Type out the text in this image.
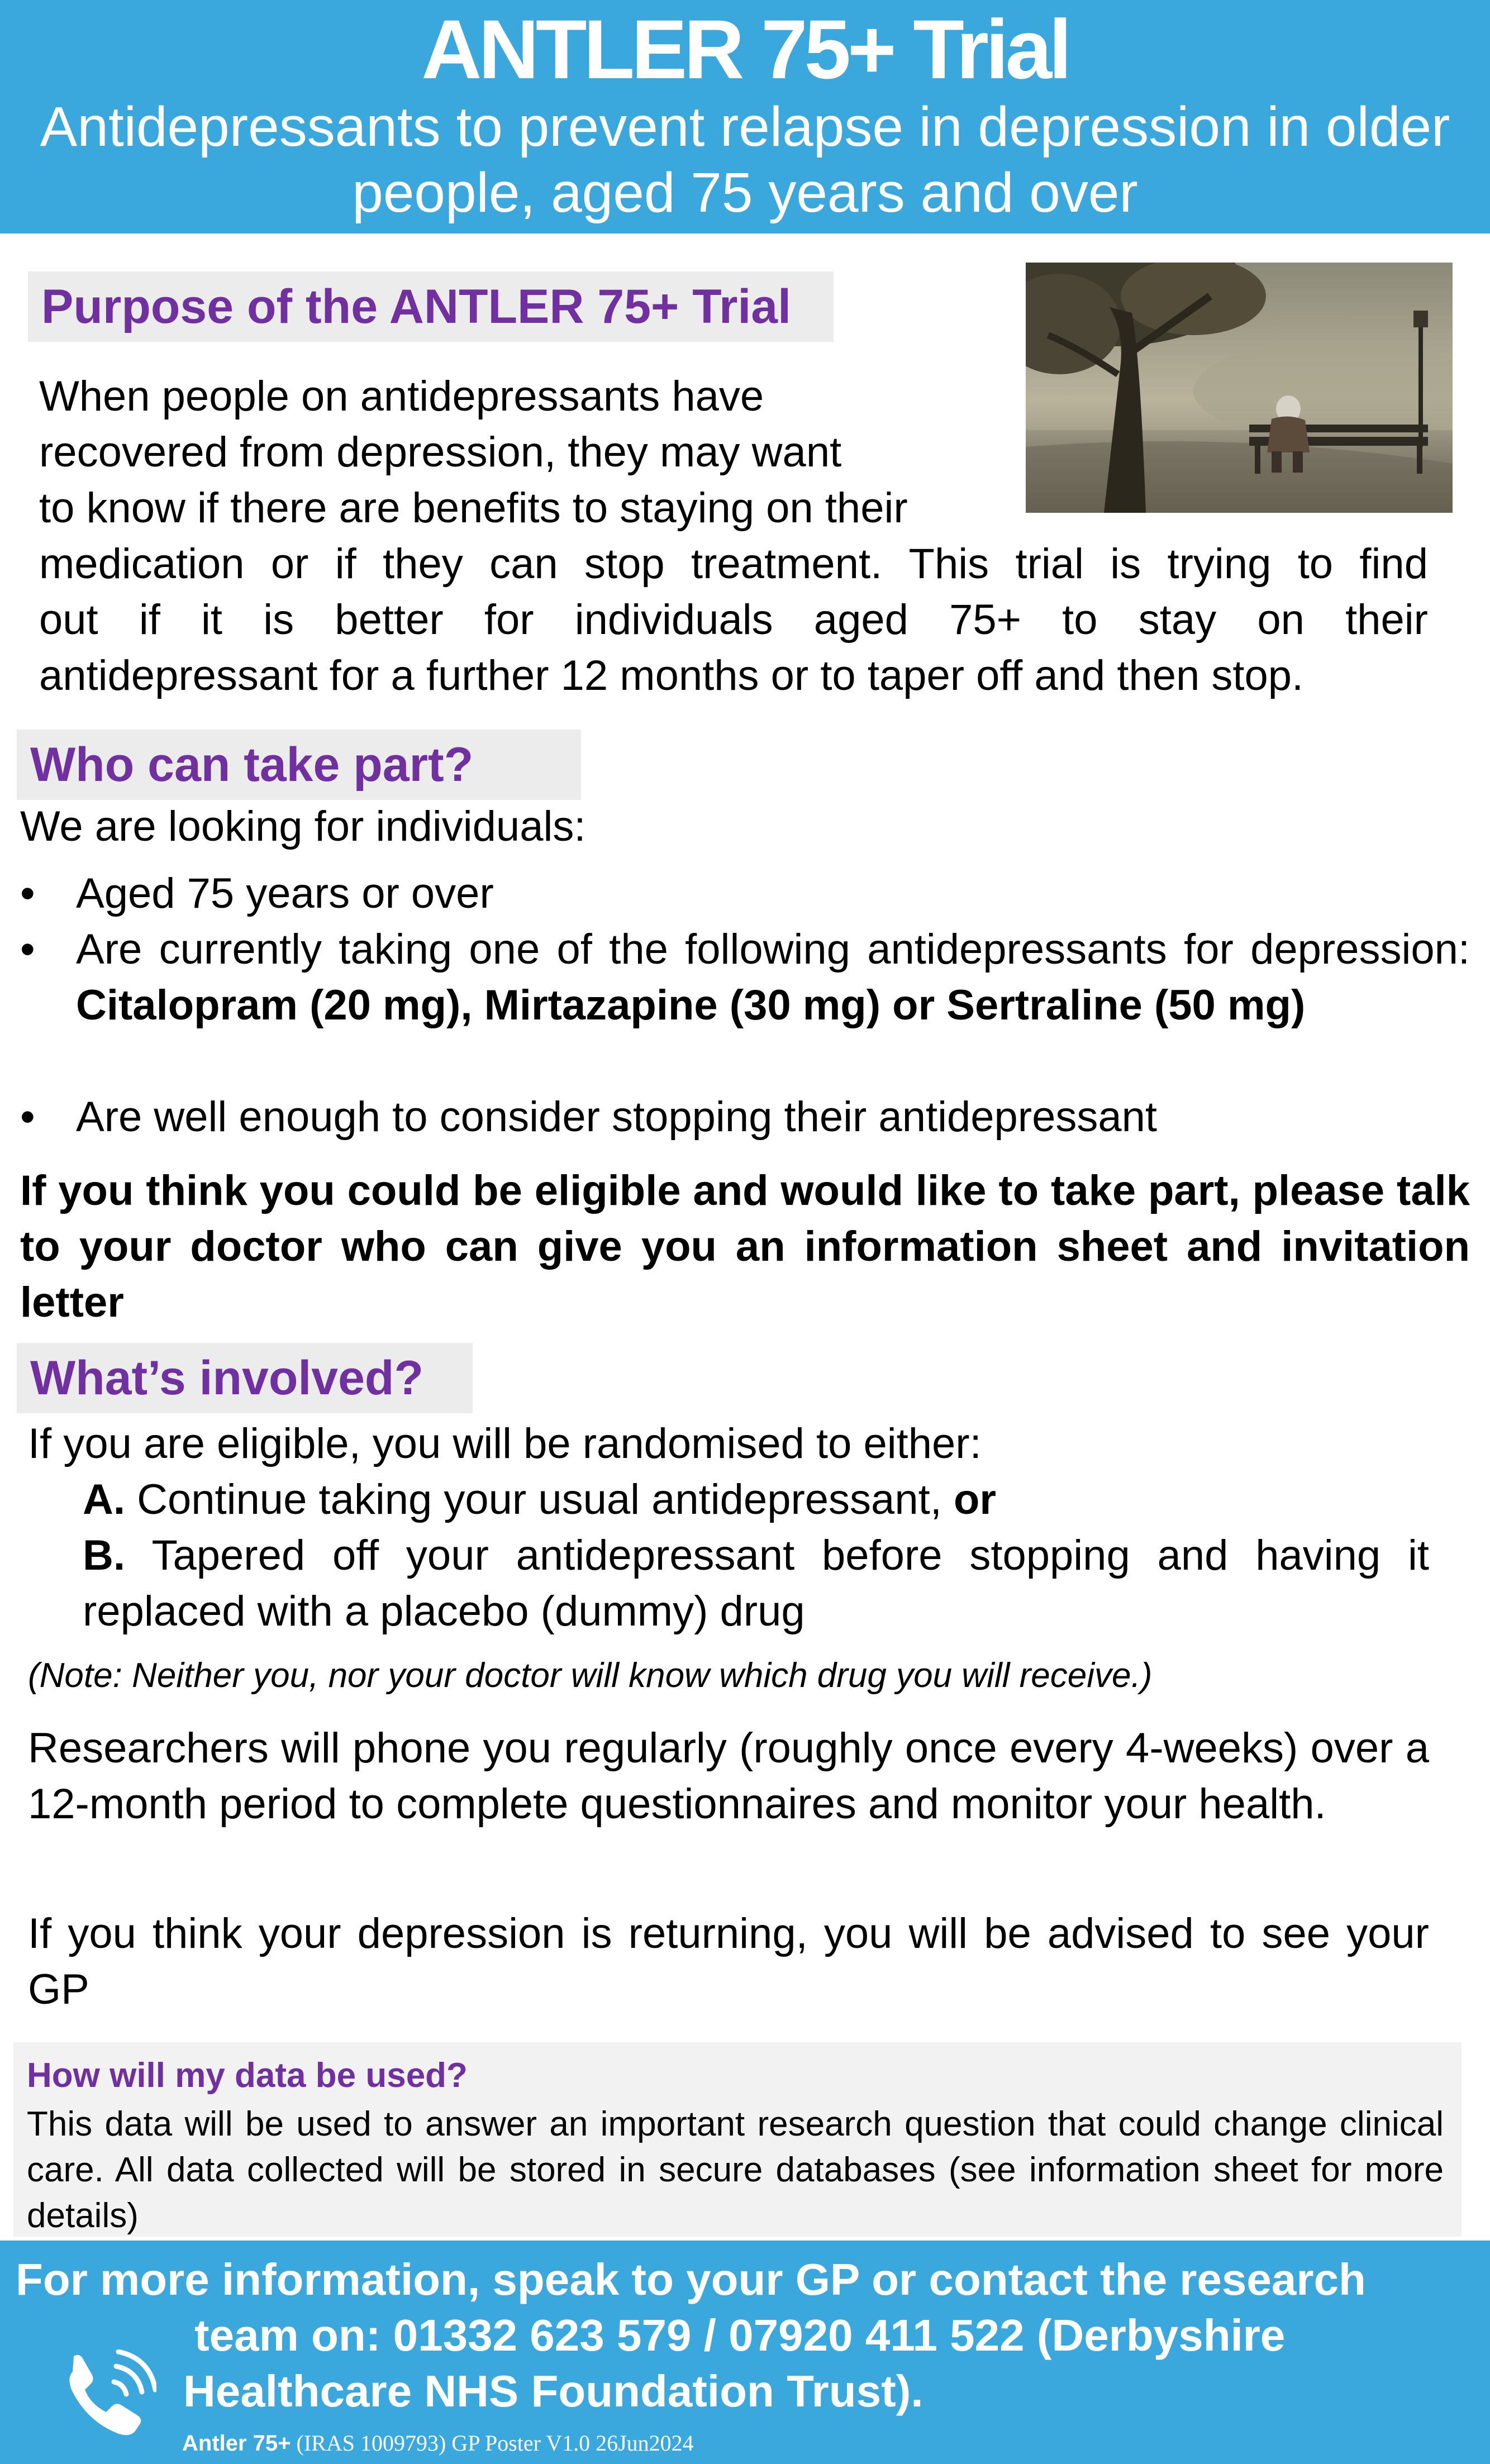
ANTLER 75+ Trial
Antidepressants to prevent relapse in depression in older people, aged 75 years and over
Purpose of the ANTLER 75+ Trial
When people on antidepressants have
recovered from depression, they may want
to know if there are benefits to staying on their
medication or if they can stop treatment. This trial is trying to find
out if it is better for individuals aged 75+ to stay on their
antidepressant for a further 12 months or to taper off and then stop.
Who can take part?
We are looking for individuals:
• Aged 75 years or over
• Are currently taking one of the following antidepressants for depression: Citalopram (20 mg), Mirtazapine (30 mg) or Sertraline (50 mg)
• Are well enough to consider stopping their antidepressant
If you think you could be eligible and would like to take part, please talk to your doctor who can give you an information sheet and invitation letter
What’s involved?
If you are eligible, you will be randomised to either:
A. Continue taking your usual antidepressant, or
B. Tapered off your antidepressant before stopping and having it replaced with a placebo (dummy) drug
(Note: Neither you, nor your doctor will know which drug you will receive.)
Researchers will phone you regularly (roughly once every 4-weeks) over a 12-month period to complete questionnaires and monitor your health.
If you think your depression is returning, you will be advised to see your GP
How will my data be used?
This data will be used to answer an important research question that could change clinical care. All data collected will be stored in secure databases (see information sheet for more details)
For more information, speak to your GP or contact the research
team on: 01332 623 579 / 07920 411 522 (Derbyshire
Healthcare NHS Foundation Trust).
Antler 75+ (IRAS 1009793) GP Poster V1.0 26Jun2024
